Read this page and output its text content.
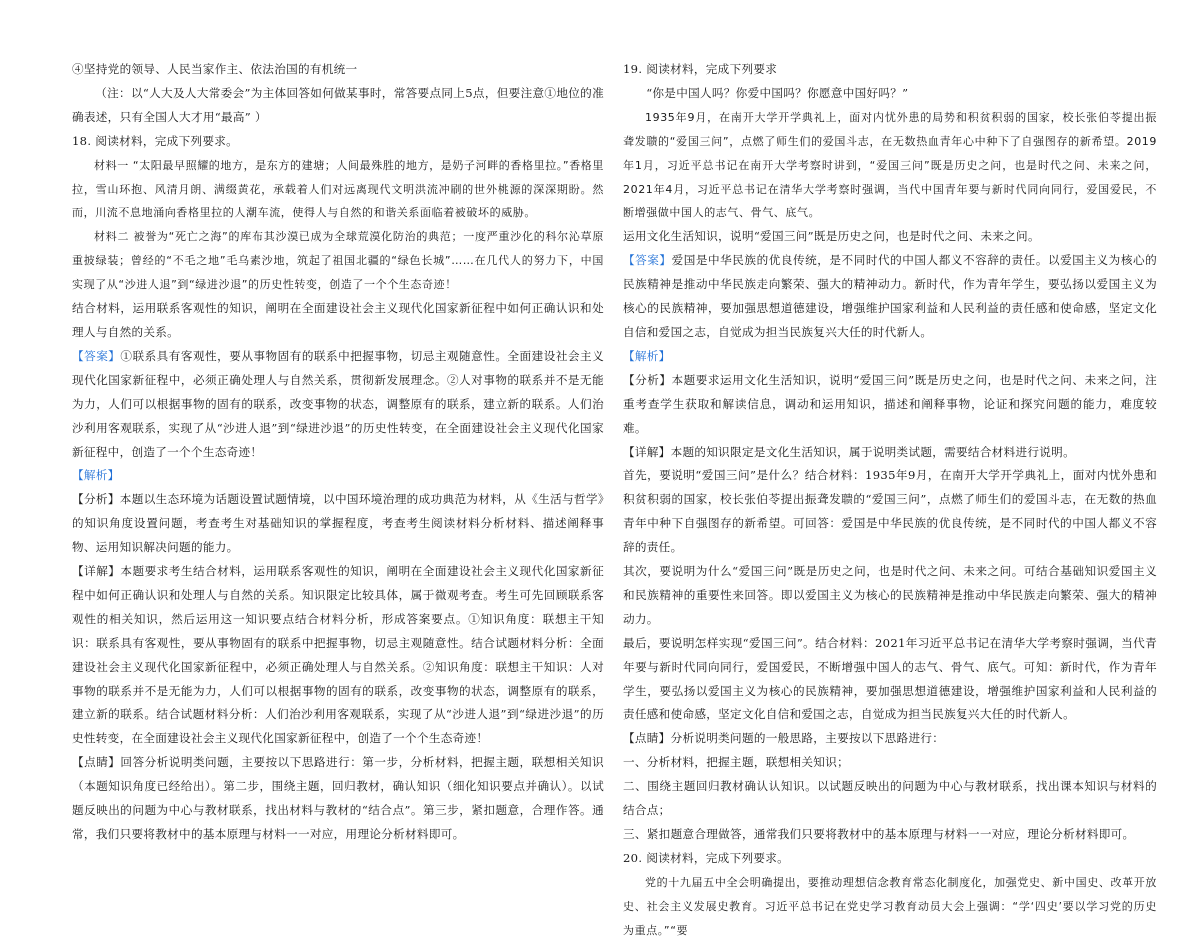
④坚持党的领导、人民当家作主、依法治国的有机统一

（注：以“人大及人大常委会”为主体回答如何做某事时，常答要点同上5点，但要注意①地位的准确表述，只有全国人大才用“最高” ）

18. 阅读材料，完成下列要求。

材料一 “太阳最早照耀的地方，是东方的建塘；人间最殊胜的地方，是奶子河畔的香格里拉。”香格里拉，雪山环抱、风清月朗、满缀黄花，承载着人们对远离现代文明洪流冲刷的世外桃源的深深期盼。然而，川流不息地涌向香格里拉的人潮车流，使得人与自然的和谐关系面临着被破坏的威胁。

材料二 被誉为“死亡之海”的库布其沙漠已成为全球荒漠化防治的典范；一度严重沙化的科尔沁草原重披绿装；曾经的“不毛之地”毛乌素沙地，筑起了祖国北疆的“绿色长城”……在几代人的努力下，中国实现了从“沙进人退”到“绿进沙退”的历史性转变，创造了一个个生态奇迹！

结合材料，运用联系客观性的知识，阐明在全面建设社会主义现代化国家新征程中如何正确认识和处理人与自然的关系。

【答案】①联系具有客观性，要从事物固有的联系中把握事物，切忌主观随意性。全面建设社会主义现代化国家新征程中，必须正确处理人与自然关系，贯彻新发展理念。②人对事物的联系并不是无能为力，人们可以根据事物的固有的联系，改变事物的状态，调整原有的联系，建立新的联系。人们治沙利用客观联系，实现了从“沙进人退”到“绿进沙退”的历史性转变，在全面建设社会主义现代化国家新征程中，创造了一个个生态奇迹！

【解析】

【分析】本题以生态环境为话题设置试题情境，以中国环境治理的成功典范为材料，从《生活与哲学》的知识角度设置问题，考查考生对基础知识的掌握程度，考查考生阅读材料分析材料、描述阐释事物、运用知识解决问题的能力。

【详解】本题要求考生结合材料，运用联系客观性的知识，阐明在全面建设社会主义现代化国家新征程中如何正确认识和处理人与自然的关系。知识限定比较具体，属于微观考查。考生可先回顾联系客观性的相关知识，然后运用这一知识要点结合材料分析，形成答案要点。①知识角度：联想主干知识：联系具有客观性，要从事物固有的联系中把握事物，切忌主观随意性。结合试题材料分析：全面建设社会主义现代化国家新征程中，必须正确处理人与自然关系。②知识角度：联想主干知识：人对事物的联系并不是无能为力，人们可以根据事物的固有的联系，改变事物的状态，调整原有的联系，建立新的联系。结合试题材料分析：人们治沙利用客观联系，实现了从“沙进人退”到“绿进沙退”的历史性转变，在全面建设社会主义现代化国家新征程中，创造了一个个生态奇迹！

【点睛】回答分析说明类问题，主要按以下思路进行：第一步，分析材料，把握主题，联想相关知识（本题知识角度已经给出）。第二步，围绕主题，回归教材，确认知识（细化知识要点并确认）。以试题反映出的问题为中心与教材联系，找出材料与教材的“结合点”。第三步，紧扣题意，合理作答。通常，我们只要将教材中的基本原理与材料一一对应，用理论分析材料即可。

19. 阅读材料，完成下列要求

“你是中国人吗？你爱中国吗？你愿意中国好吗？”

1935年9月，在南开大学开学典礼上，面对内忧外患的局势和积贫积弱的国家，校长张伯苓提出振聋发聩的“爱国三问”，点燃了师生们的爱国斗志，在无数热血青年心中种下了自强图存的新希望。2019年1月，习近平总书记在南开大学考察时讲到，“爱国三问”既是历史之问，也是时代之问、未来之问，2021年4月，习近平总书记在清华大学考察时强调，当代中国青年要与新时代同向同行，爱国爱民，不断增强做中国人的志气、骨气、底气。

运用文化生活知识，说明“爱国三问”既是历史之问，也是时代之问、未来之问。

【答案】爱国是中华民族的优良传统，是不同时代的中国人都义不容辞的责任。以爱国主义为核心的民族精神是推动中华民族走向繁荣、强大的精神动力。新时代，作为青年学生，要弘扬以爱国主义为核心的民族精神，要加强思想道德建设，增强维护国家利益和人民利益的责任感和使命感，坚定文化自信和爱国之志，自觉成为担当民族复兴大任的时代新人。

【解析】

【分析】本题要求运用文化生活知识，说明“爱国三问”既是历史之问，也是时代之问、未来之问，注重考查学生获取和解读信息，调动和运用知识，描述和阐释事物，论证和探究问题的能力，难度较难。

【详解】本题的知识限定是文化生活知识，属于说明类试题，需要结合材料进行说明。

首先，要说明“爱国三问”是什么？结合材料：1935年9月，在南开大学开学典礼上，面对内忧外患和积贫积弱的国家，校长张伯苓提出振聋发聩的“爱国三问”，点燃了师生们的爱国斗志，在无数的热血青年中种下自强图存的新希望。可回答：爱国是中华民族的优良传统，是不同时代的中国人都义不容辞的责任。

其次，要说明为什么“爱国三问”既是历史之问，也是时代之问、未来之问。可结合基础知识爱国主义和民族精神的重要性来回答。即以爱国主义为核心的民族精神是推动中华民族走向繁荣、强大的精神动力。

最后，要说明怎样实现“爱国三问”。结合材料：2021年习近平总书记在清华大学考察时强调，当代青年要与新时代同向同行，爱国爱民，不断增强中国人的志气、骨气、底气。可知：新时代，作为青年学生，要弘扬以爱国主义为核心的民族精神，要加强思想道德建设，增强维护国家利益和人民利益的责任感和使命感，坚定文化自信和爱国之志，自觉成为担当民族复兴大任的时代新人。

【点睛】分析说明类问题的一般思路，主要按以下思路进行：

一、分析材料，把握主题，联想相关知识；

二、围绕主题回归教材确认认知识。以试题反映出的问题为中心与教材联系，找出课本知识与材料的结合点；

三、紧扣题意合理做答，通常我们只要将教材中的基本原理与材料一一对应，理论分析材料即可。

20. 阅读材料，完成下列要求。

党的十九届五中全会明确提出，要推动理想信念教育常态化制度化，加强党史、新中国史、改革开放史、社会主义发展史教育。习近平总书记在党史学习教育动员大会上强调：“学‘四史’要以学习党的历史为重点。”“要
